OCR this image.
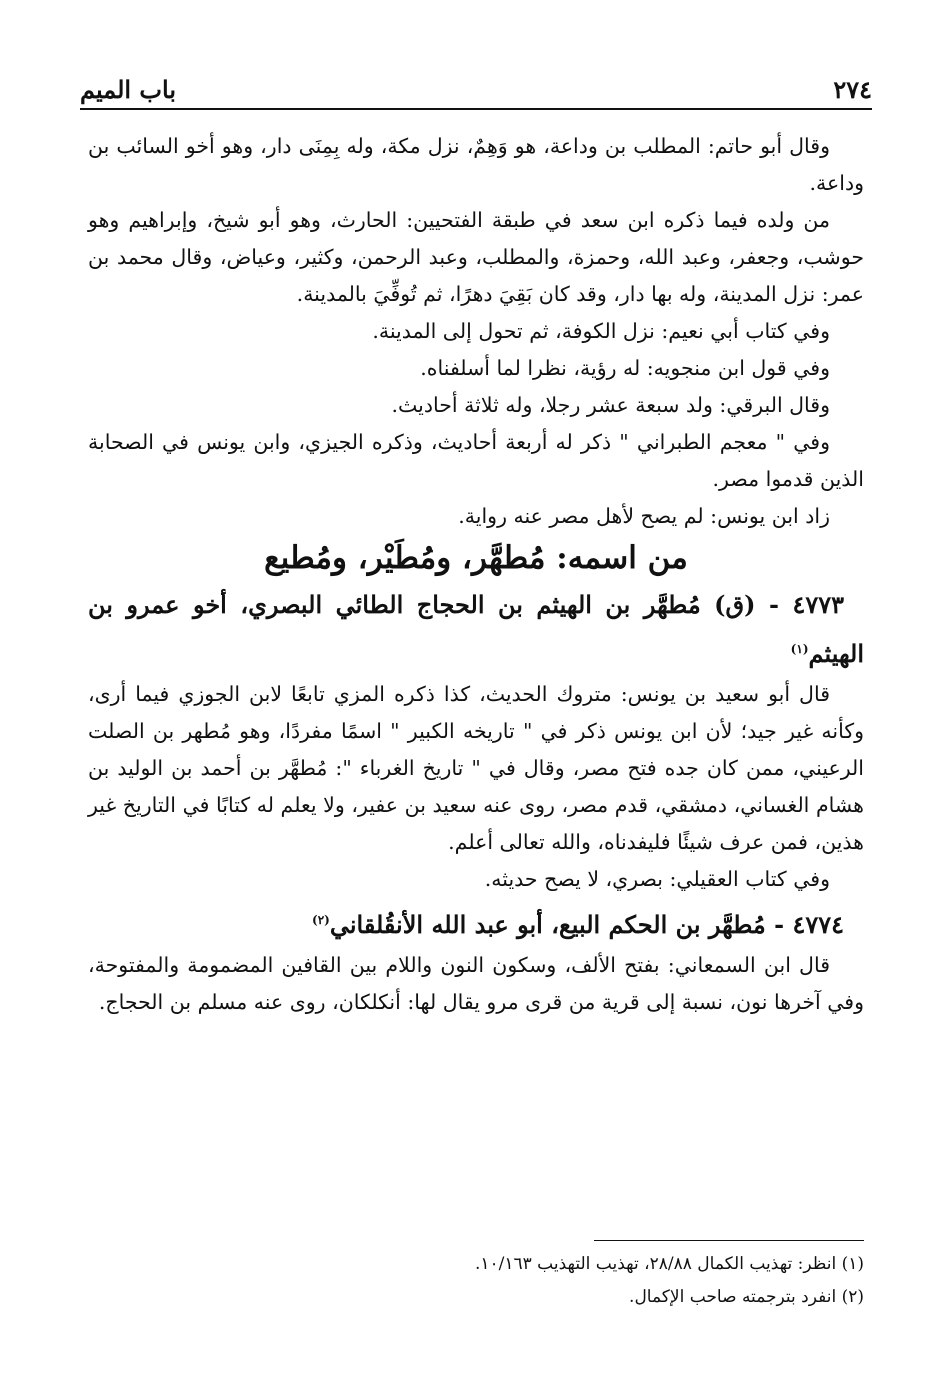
٢٧٤
باب الميم

وقال أبو حاتم: المطلب بن وداعة، هو وَهِمٌ، نزل مكة، وله بِمِنَى دار، وهو أخو السائب بن وداعة.

من ولده فيما ذكره ابن سعد في طبقة الفتحيين: الحارث، وهو أبو شيخ، وإبراهيم وهو حوشب، وجعفر، وعبد الله، وحمزة، والمطلب، وعبد الرحمن، وكثير، وعياض، وقال محمد بن عمر: نزل المدينة، وله بها دار، وقد كان بَقِيَ دهرًا، ثم تُوفِّيَ بالمدينة.

وفي كتاب أبي نعيم: نزل الكوفة، ثم تحول إلى المدينة.

وفي قول ابن منجويه: له رؤية، نظرا لما أسلفناه.

وقال البرقي: ولد سبعة عشر رجلا، وله ثلاثة أحاديث.

وفي " معجم الطبراني " ذكر له أربعة أحاديث، وذكره الجيزي، وابن يونس في الصحابة الذين قدموا مصر.

زاد ابن يونس: لم يصح لأهل مصر عنه رواية.

من اسمه: مُطهَّر، ومُطَيْر، ومُطيع

٤٧٧٣ - (ق) مُطهَّر بن الهيثم بن الحجاج الطائي البصري، أخو عمرو بن الهيثم$^{(١)}$

قال أبو سعيد بن يونس: متروك الحديث، كذا ذكره المزي تابعًا لابن الجوزي فيما أرى، وكأنه غير جيد؛ لأن ابن يونس ذكر في " تاريخه الكبير " اسمًا مفردًا، وهو مُطهر بن الصلت الرعيني، ممن كان جده فتح مصر، وقال في " تاريخ الغرباء ": مُطهَّر بن أحمد بن الوليد بن هشام الغساني، دمشقي، قدم مصر، روى عنه سعيد بن عفير، ولا يعلم له كتابًا في التاريخ غير هذين، فمن عرف شيئًا فليفدناه، والله تعالى أعلم.

وفي كتاب العقيلي: بصري، لا يصح حديثه.

٤٧٧٤ - مُطهَّر بن الحكم البيع، أبو عبد الله الأنقُلقاني$^{(٢)}$

قال ابن السمعاني: بفتح الألف، وسكون النون واللام بين القافين المضمومة والمفتوحة، وفي آخرها نون، نسبة إلى قرية من قرى مرو يقال لها: أنكلكان، روى عنه مسلم بن الحجاج.

(١) انظر: تهذيب الكمال ٢٨/٨٨، تهذيب التهذيب ١٠/١٦٣.

(٢) انفرد بترجمته صاحب الإكمال.
